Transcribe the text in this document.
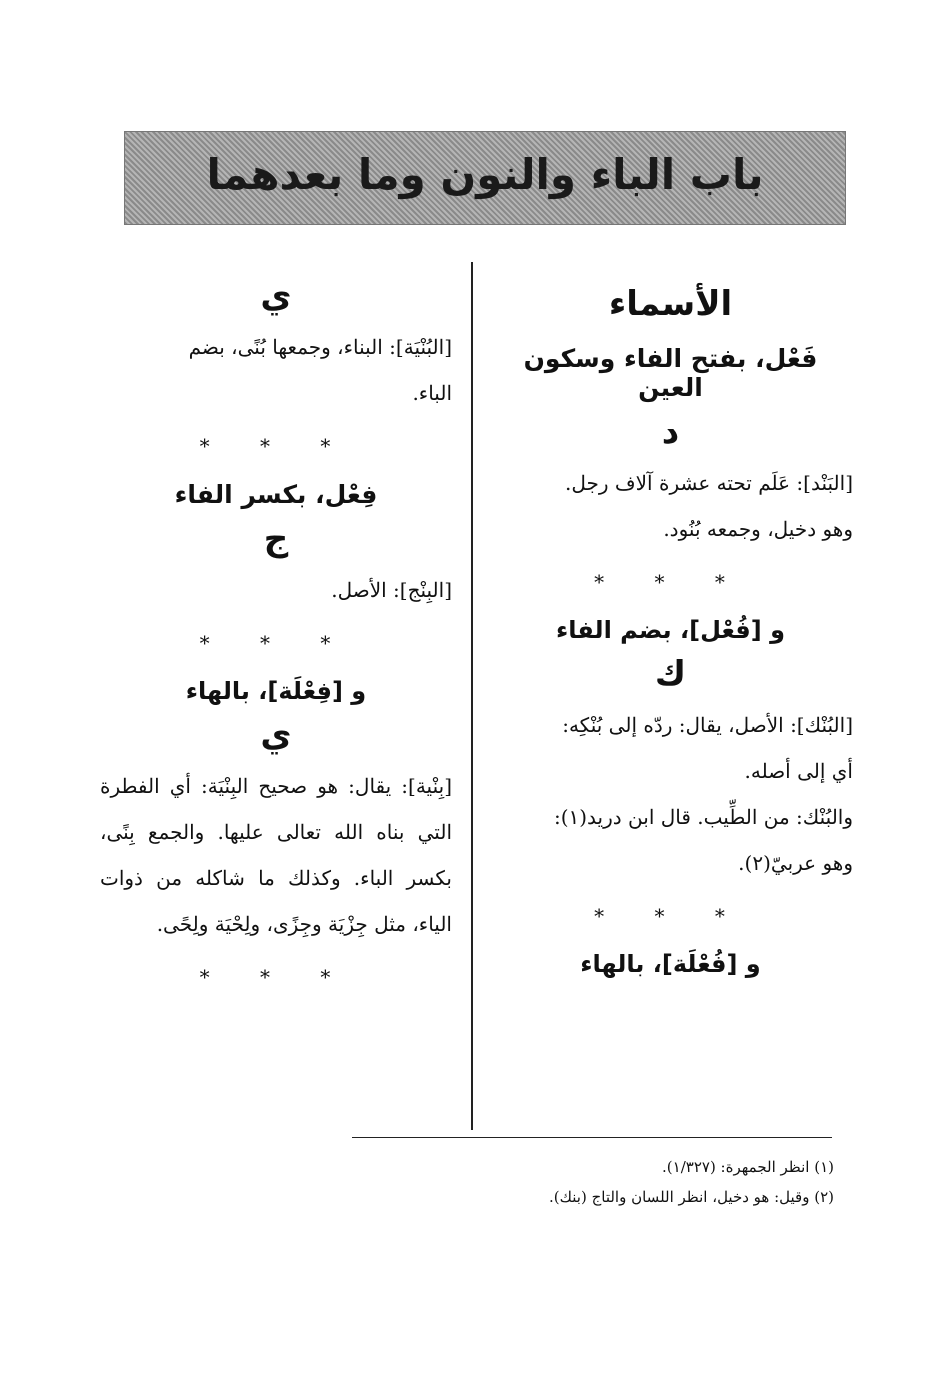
باب الباء والنون وما بعدهما
الأسماء
فَعْل، بفتح الفاء وسكون العين
د

[البَنْد]: عَلَم تحته عشرة آلاف رجل.

وهو دخيل، وجمعه بُنُود.

* * *
و [فُعْل]، بضم الفاء
ك

[البُنْك]: الأصل، يقال: ردّه إلى بُنْكِه:

أي إلى أصله.

والبُنْك: من الطِّيب. قال ابن دريد(١):

وهو عربيّ(٢).

* * *
و [فُعْلَة]، بالهاء
ي

[البُنْيَة]: البناء، وجمعها بُنًى، بضم

الباء.

* * *
فِعْل، بكسر الفاء
ج

[البِنْج]: الأصل.

* * *
و [فِعْلَة]، بالهاء
ي

[بِنْية]: يقال: هو صحيح البِنْيَة: أي الفطرة التي بناه الله تعالى عليها. والجمع بِنًى، بكسر الباء. وكذلك ما شاكله من ذوات الياء، مثل جِزْيَة وجِزًى، ولِحْيَة ولِحًى.

* * *
(١) انظر الجمهرة: (١/٣٢٧).
(٢) وقيل: هو دخيل، انظر اللسان والتاج (بنك).
